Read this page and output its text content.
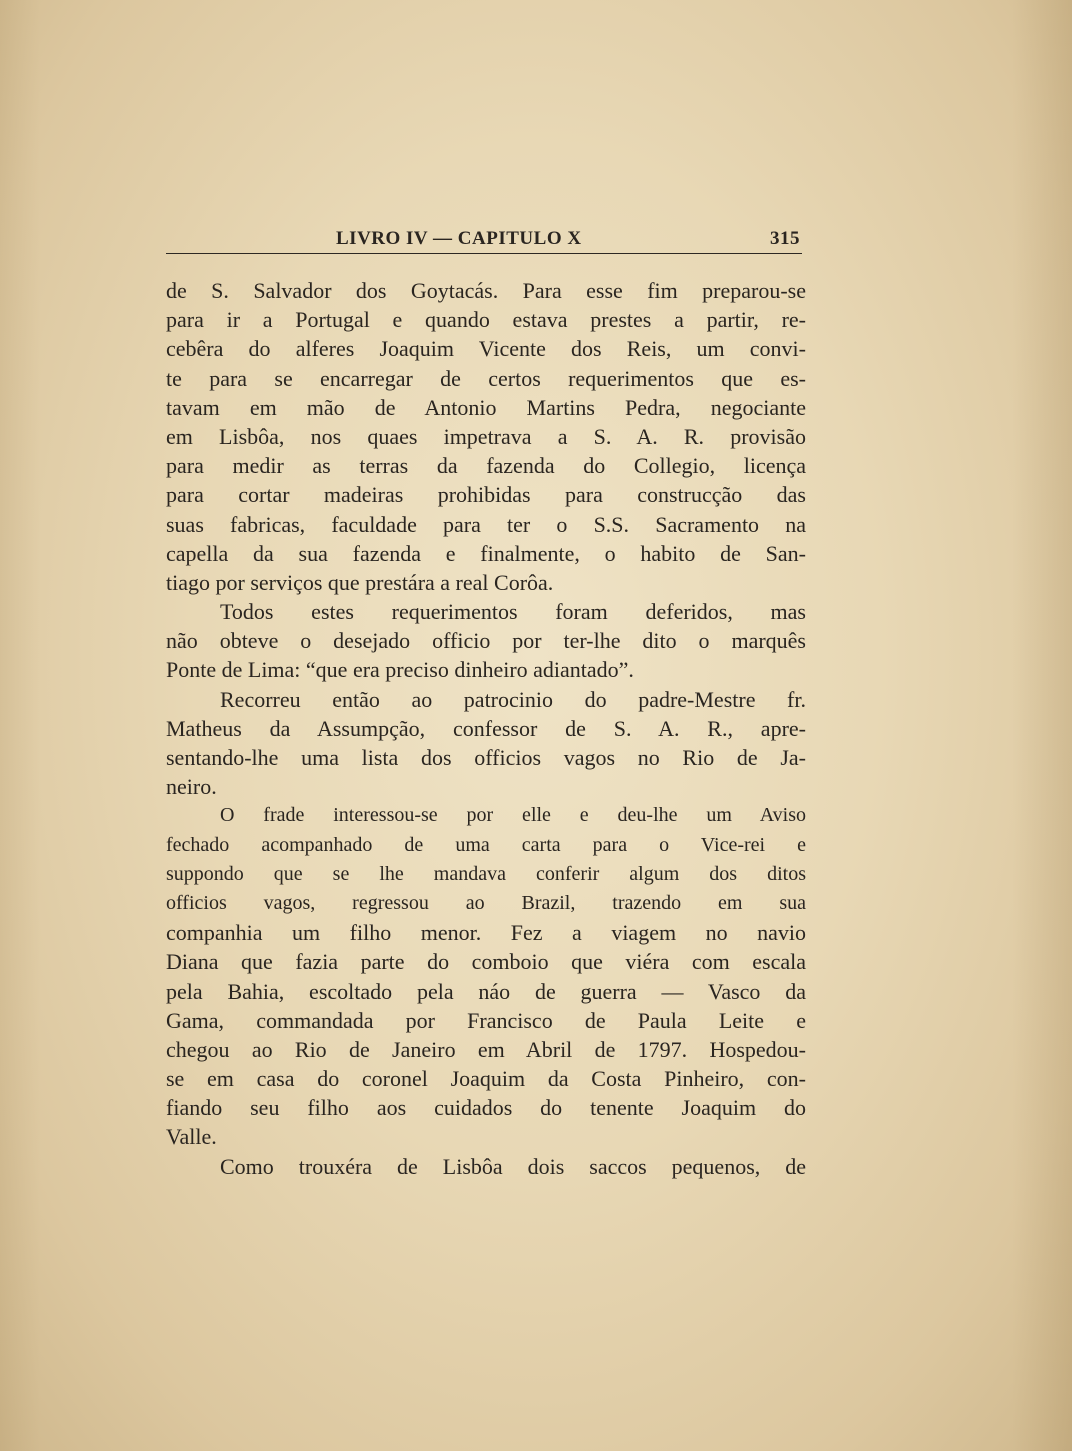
LIVRO IV — CAPITULO X	315
de S. Salvador dos Goytacás. Para esse fim preparou-se
para ir a Portugal e quando estava prestes a partir, re-
cebêra do alferes Joaquim Vicente dos Reis, um convi-
te para se encarregar de certos requerimentos que es-
tavam em mão de Antonio Martins Pedra, negociante
em Lisbôa, nos quaes impetrava a S. A. R. provisão
para medir as terras da fazenda do Collegio, licença
para cortar madeiras prohibidas para construcção das
suas fabricas, faculdade para ter o S.S. Sacramento na
capella da sua fazenda e finalmente, o habito de San-
tiago por serviços que prestára a real Corôa.
Todos estes requerimentos foram deferidos, mas
não obteve o desejado officio por ter-lhe dito o marquês
Ponte de Lima: “que era preciso dinheiro adiantado”.
Recorreu então ao patrocinio do padre-Mestre fr.
Matheus da Assumpção, confessor de S. A. R., apre-
sentando-lhe uma lista dos officios vagos no Rio de Ja-
neiro.
O frade interessou-se por elle e deu-lhe um Aviso
fechado acompanhado de uma carta para o Vice-rei e
suppondo que se lhe mandava conferir algum dos ditos
officios vagos, regressou ao Brazil, trazendo em sua
companhia um filho menor. Fez a viagem no navio
Diana que fazia parte do comboio que viéra com escala
pela Bahia, escoltado pela náo de guerra — Vasco da
Gama, commandada por Francisco de Paula Leite e
chegou ao Rio de Janeiro em Abril de 1797. Hospedou-
se em casa do coronel Joaquim da Costa Pinheiro, con-
fiando seu filho aos cuidados do tenente Joaquim do
Valle.
Como trouxéra de Lisbôa dois saccos pequenos, de
